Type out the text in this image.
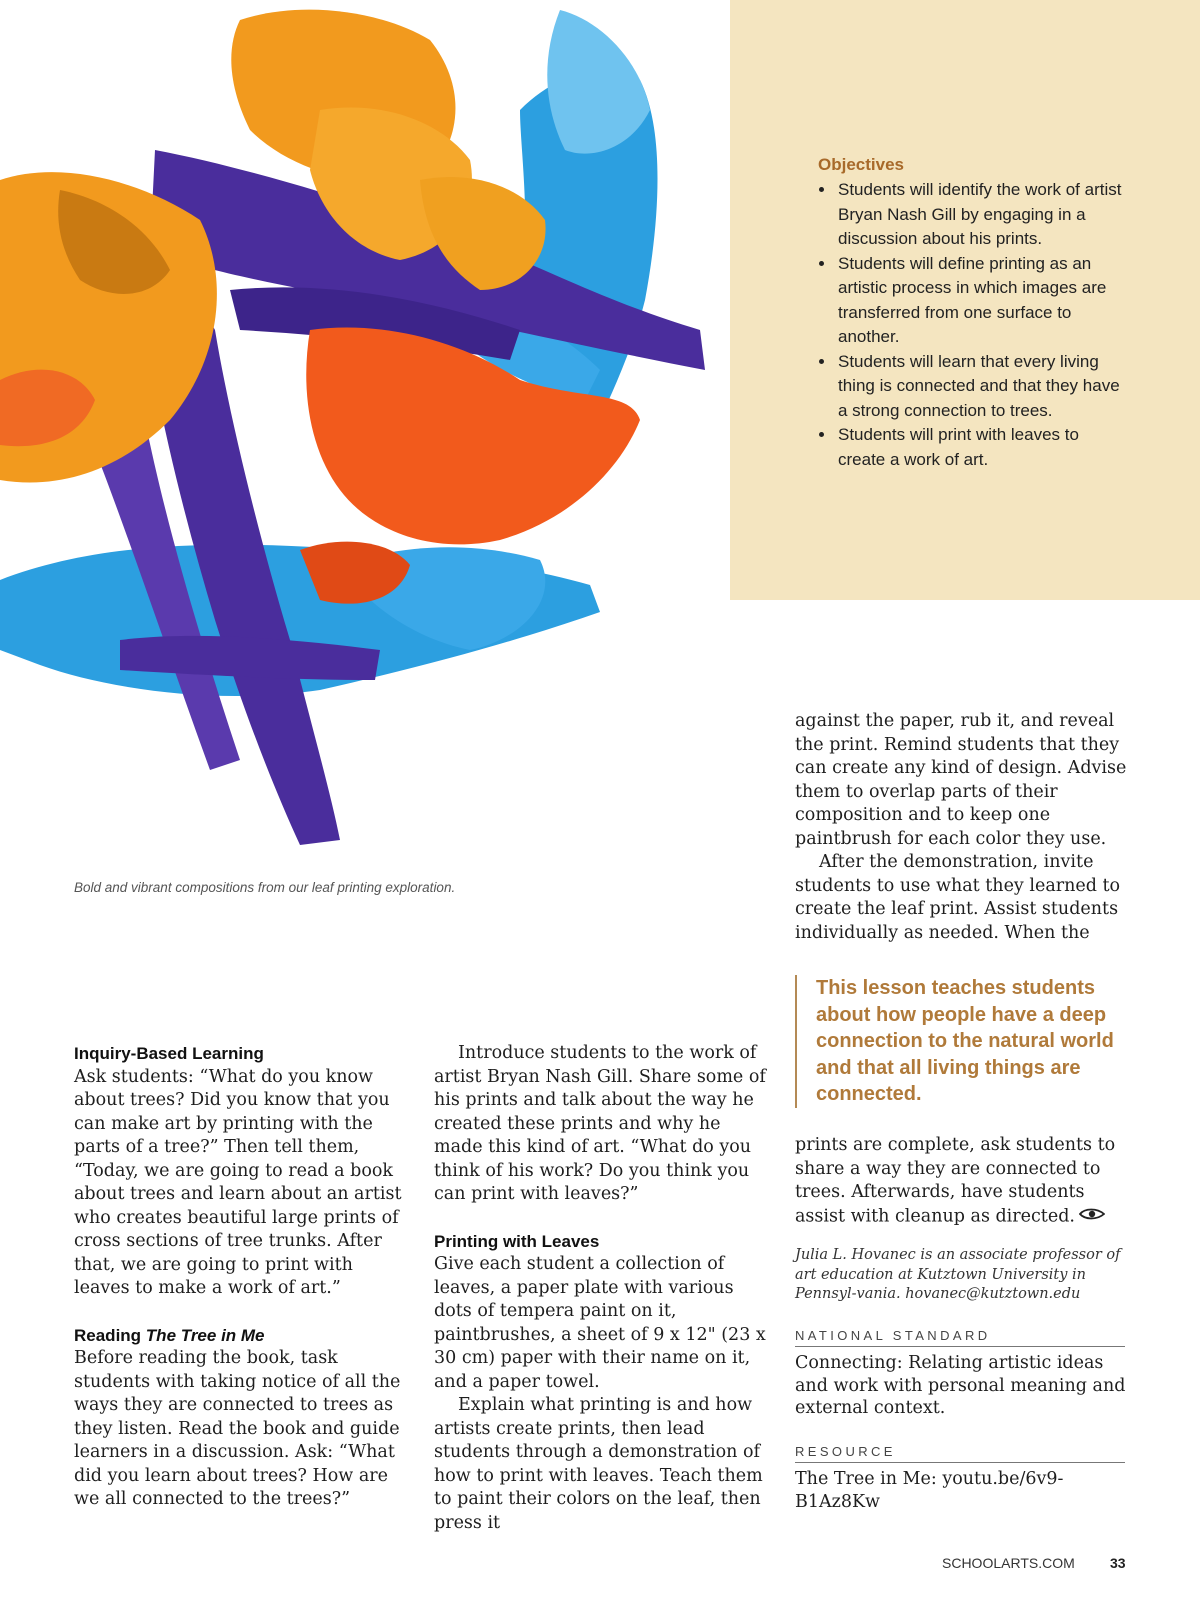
Bold and vibrant compositions from our leaf printing exploration.
Objectives
• Students will identify the work of artist Bryan Nash Gill by engaging in a discussion about his prints.
• Students will define printing as an artistic process in which images are transferred from one surface to another.
• Students will learn that every living thing is connected and that they have a strong connection to trees.
• Students will print with leaves to create a work of art.
Inquiry-Based Learning

Ask students: “What do you know about trees? Did you know that you can make art by printing with the parts of a tree?” Then tell them, “Today, we are going to read a book about trees and learn about an artist who creates beautiful large prints of cross sections of tree trunks. After that, we are going to print with leaves to make a work of art.”

Reading The Tree in Me

Before reading the book, task students with taking notice of all the ways they are connected to trees as they listen. Read the book and guide learners in a discussion. Ask: “What did you learn about trees? How are we all connected to the trees?”

Introduce students to the work of artist Bryan Nash Gill. Share some of his prints and talk about the way he created these prints and why he made this kind of art. “What do you think of his work? Do you think you can print with leaves?”

Printing with Leaves

Give each student a collection of leaves, a paper plate with various dots of tempera paint on it, paintbrushes, a sheet of 9 x 12" (23 x 30 cm) paper with their name on it, and a paper towel.

Explain what printing is and how artists create prints, then lead students through a demonstration of how to print with leaves. Teach them to paint their colors on the leaf, then press it

against the paper, rub it, and reveal the print. Remind students that they can create any kind of design. Advise them to overlap parts of their composition and to keep one paintbrush for each color they use.

After the demonstration, invite students to use what they learned to create the leaf print. Assist students individually as needed. When the

This lesson teaches students about how people have a deep connection to the natural world and that all living things are connected.

prints are complete, ask students to share a way they are connected to trees. Afterwards, have students assist with cleanup as directed.

Julia L. Hovanec is an associate professor of art education at Kutztown University in Pennsyl-vania. hovanec@kutztown.edu
NATIONAL STANDARD
Connecting: Relating artistic ideas and work with personal meaning and external context.
RESOURCE
The Tree in Me: youtu.be/6v9-B1Az8Kw
SCHOOLARTS.COM	33
